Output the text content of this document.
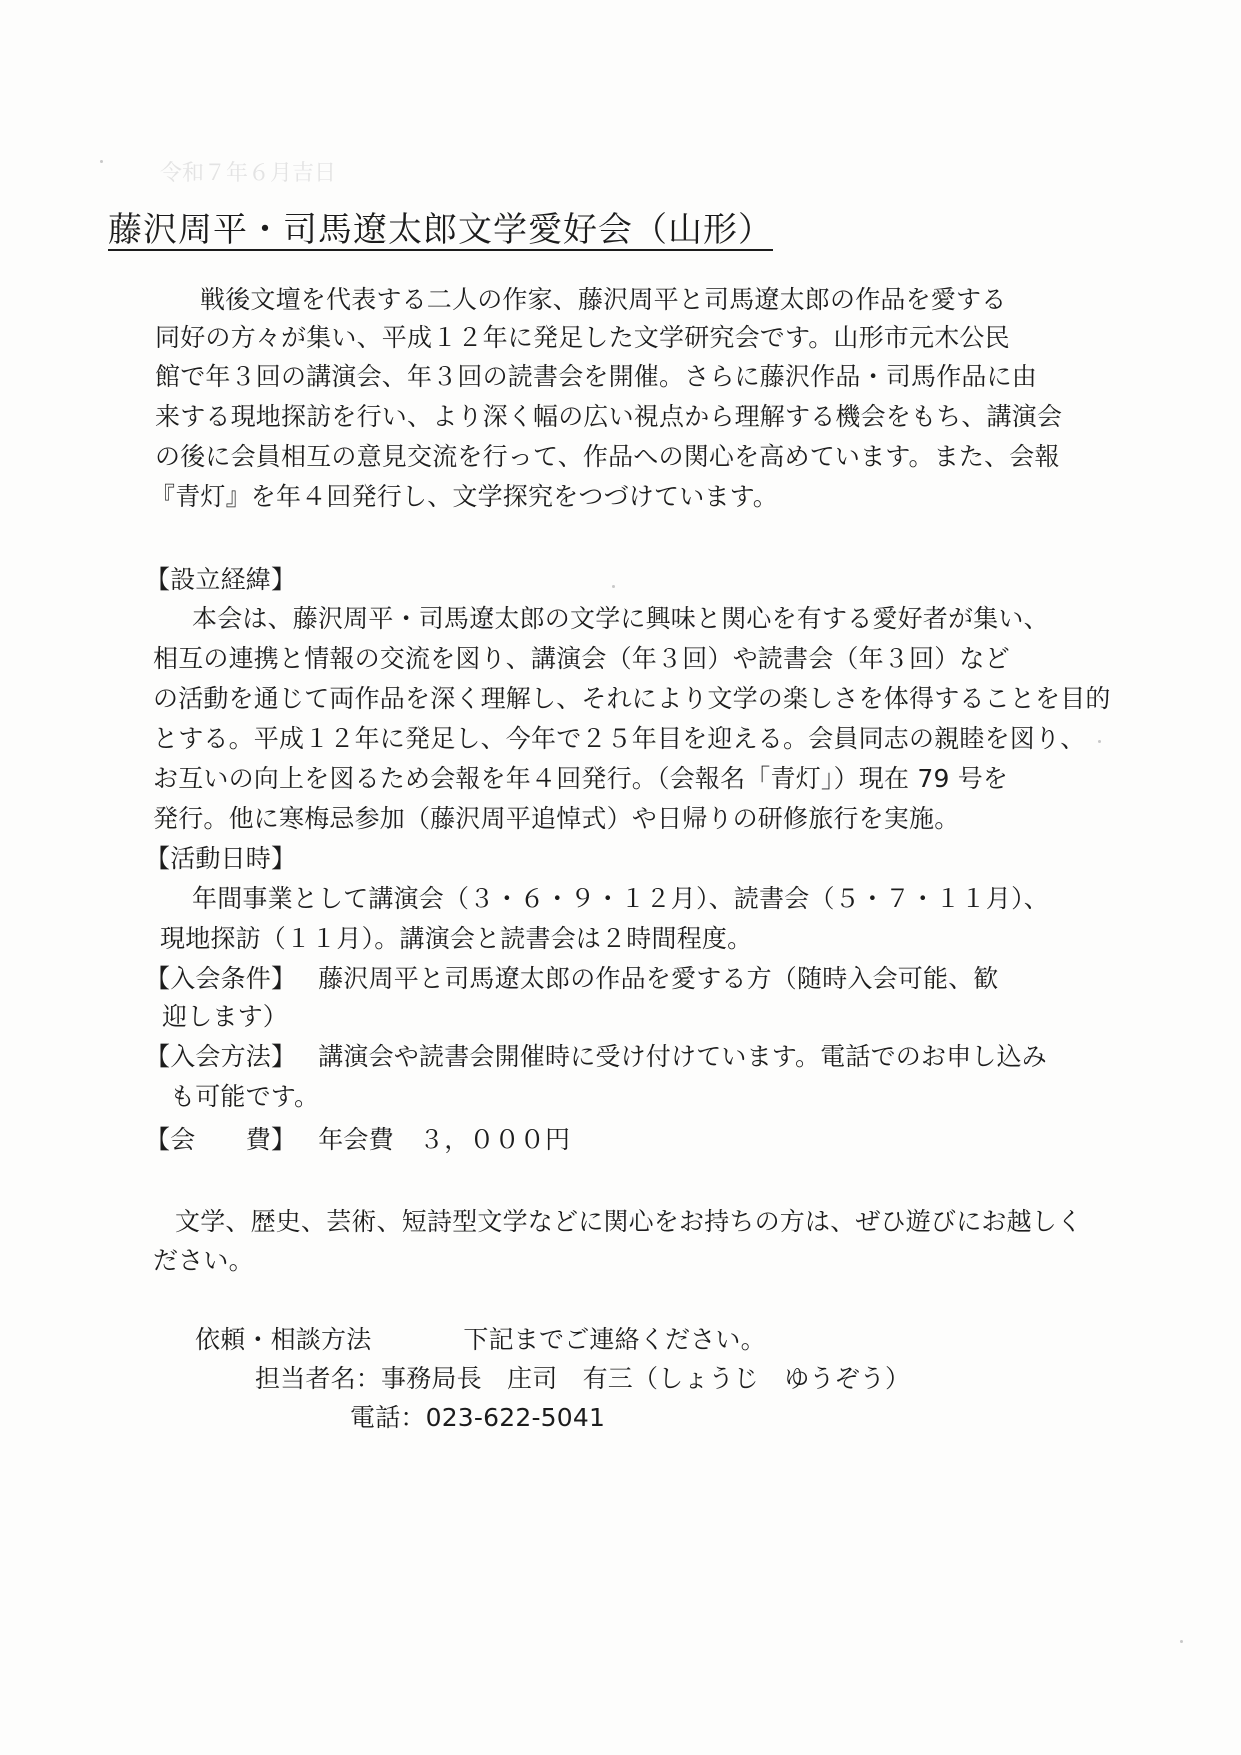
令和７年６月吉日
藤沢周平・司馬遼太郎文学愛好会（山形）
戦後文壇を代表する二人の作家、藤沢周平と司馬遼太郎の作品を愛する
同好の方々が集い、平成１２年に発足した文学研究会です。山形市元木公民
館で年３回の講演会、年３回の読書会を開催。さらに藤沢作品・司馬作品に由
来する現地探訪を行い、より深く幅の広い視点から理解する機会をもち、講演会
の後に会員相互の意見交流を行って、作品への関心を高めています。また、会報
『青灯』を年４回発行し、文学探究をつづけています。
【設立経緯】
本会は、藤沢周平・司馬遼太郎の文学に興味と関心を有する愛好者が集い、
相互の連携と情報の交流を図り、講演会（年３回）や読書会（年３回）など
の活動を通じて両作品を深く理解し、それにより文学の楽しさを体得することを目的
とする。平成１２年に発足し、今年で２５年目を迎える。会員同志の親睦を図り、
お互いの向上を図るため会報を年４回発行。（会報名「青灯」）現在 79 号を
発行。他に寒梅忌参加（藤沢周平追悼式）や日帰りの研修旅行を実施。
【活動日時】
年間事業として講演会（３・６・９・１２月）、読書会（５・７・１１月）、
現地探訪（１１月）。講演会と読書会は２時間程度。
【入会条件】 藤沢周平と司馬遼太郎の作品を愛する方（随時入会可能、歓
迎します）
【入会方法】 講演会や読書会開催時に受け付けています。電話でのお申し込み
も可能です。
【会　　費】 年会費　３，０００円
文学、歴史、芸術、短詩型文学などに関心をお持ちの方は、ぜひ遊びにお越しく
ださい。
依頼・相談方法	下記までご連絡ください。
担当者名：事務局長　庄司　有三（しょうじ　ゆうぞう）
電話：023-622-5041
